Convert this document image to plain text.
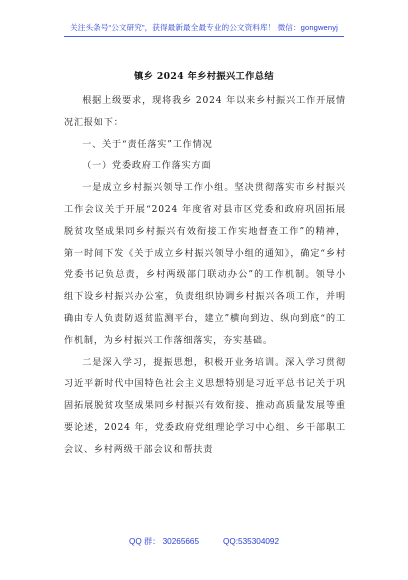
关注头条号“公文研究”，获得最新最全最专业的公文资料库！ 微信：gongwenyj
镇乡 2024 年乡村振兴工作总结

根据上级要求，现将我乡 2024 年以来乡村振兴工作开展情况汇报如下：

一、关于“责任落实”工作情况

（一）党委政府工作落实方面

一是成立乡村振兴领导工作小组。坚决贯彻落实市乡村振兴工作会议关于开展“2024 年度省对县市区党委和政府巩固拓展脱贫攻坚成果同乡村振兴有效衔接工作实地督查工作”的精神，第一时间下发《关于成立乡村振兴领导小组的通知》，确定“乡村党委书记负总责，乡村两级部门联动办公”的工作机制。领导小组下设乡村振兴办公室，负责组织协调乡村振兴各项工作，并明确由专人负责防返贫监测平台，建立”横向到边、纵向到底“的工作机制，为乡村振兴工作落细落实，夯实基础。

二是深入学习，提振思想，积极开业务培训。深入学习贯彻习近平新时代中国特色社会主义思想特别是习近平总书记关于巩固拓展脱贫攻坚成果同乡村振兴有效衔接、推动高质量发展等重要论述，2024 年，党委政府党组理论学习中心组、乡干部职工会议、乡村两级干部会议和帮扶责

QQ 群： 30265665	QQ:535304092
